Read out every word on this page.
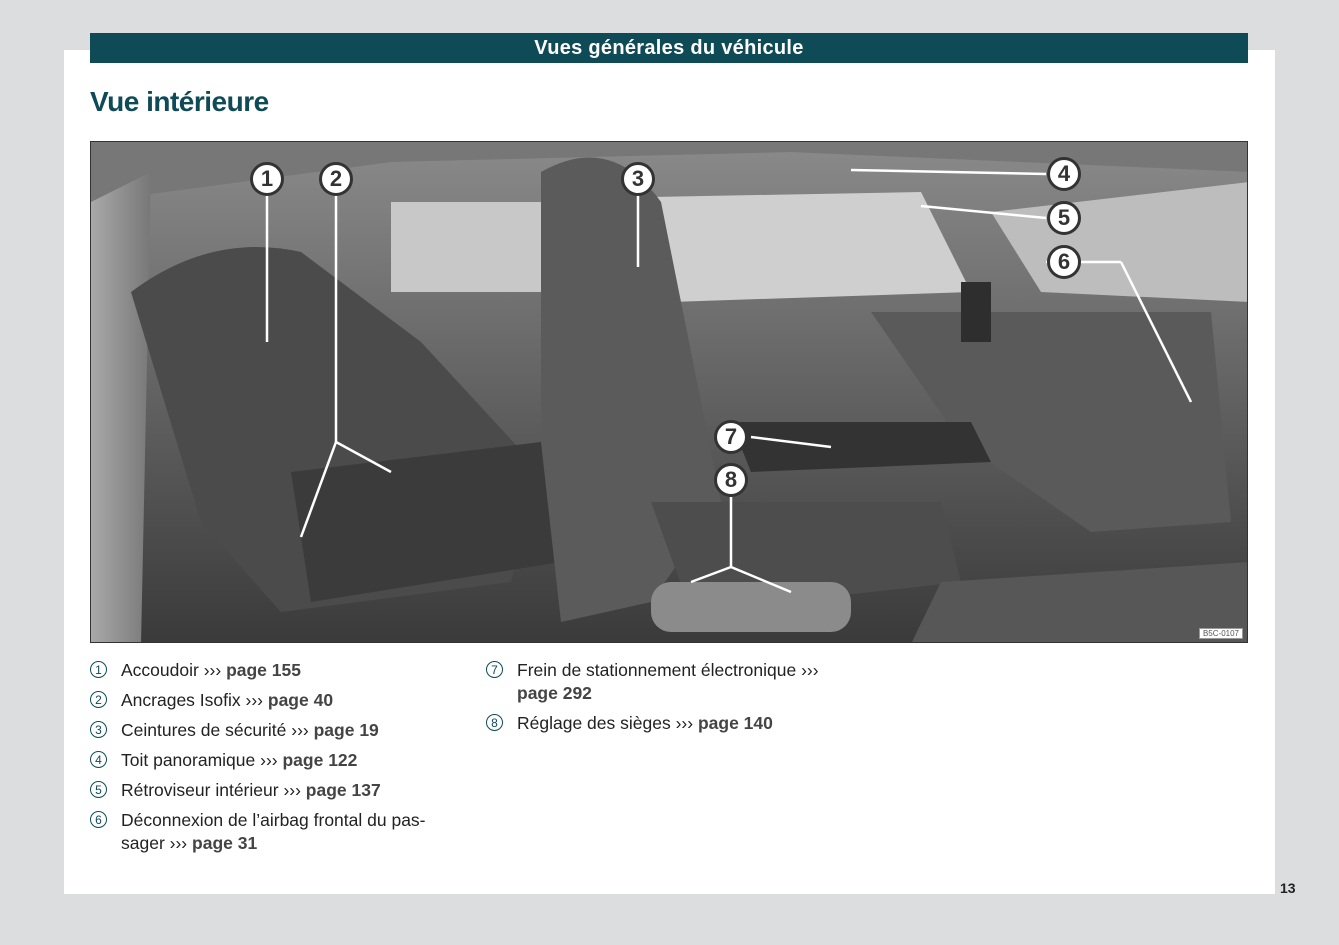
Vues générales du véhicule
Vue intérieure
1	2	3	4
5
6
7
8
B5C-0107
1 Accoudoir ››› page 155
2 Ancrages Isofix ››› page 40
3 Ceintures de sécurité ››› page 19
4 Toit panoramique ››› page 122
5 Rétroviseur intérieur ››› page 137
6 Déconnexion de l’airbag frontal du pas-sager ››› page 31
7 Frein de stationnement électronique ››› page 292
8 Réglage des sièges ››› page 140
13
